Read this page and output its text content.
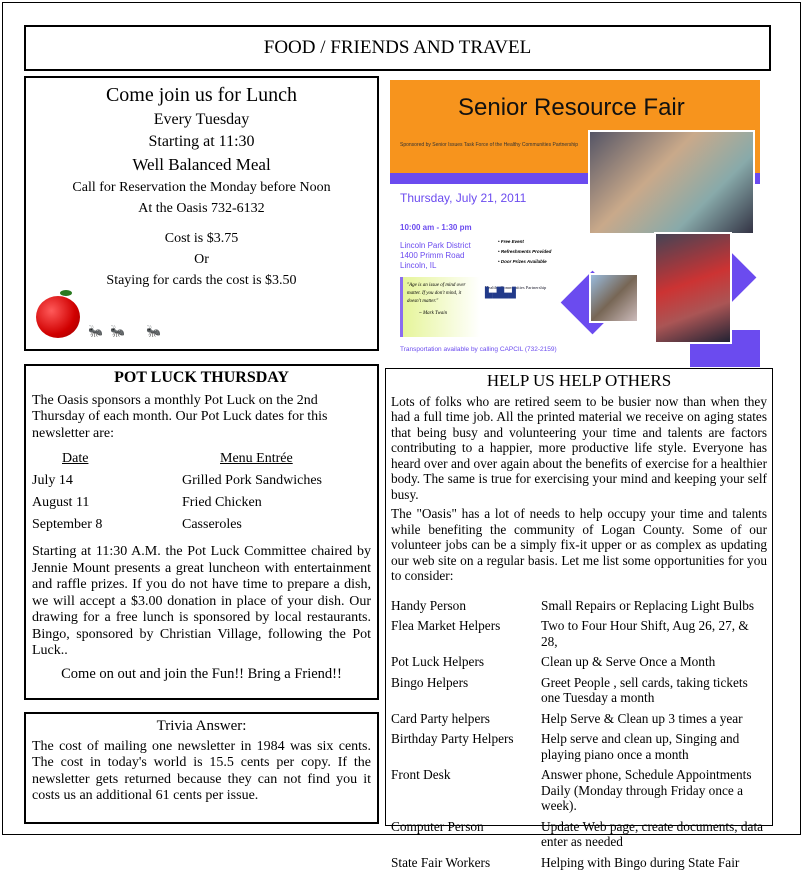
FOOD / FRIENDS AND TRAVEL
Come join us for Lunch
Every Tuesday
Starting at 11:30
Well Balanced Meal
Call for Reservation the Monday before Noon
At the Oasis 732-6132
Cost is $3.75
Or
Staying for cards the cost is $3.50
🐜 🐜 🐜
POT LUCK THURSDAY

The Oasis sponsors a monthly Pot Luck on the 2nd Thursday of each month. Our Pot Luck dates for this newsletter are:

Date	Menu Entrée
July 14	Grilled Pork Sandwiches
August 11	Fried Chicken
September 8	Casseroles

Starting at 11:30 A.M. the Pot Luck Committee chaired by Jennie Mount presents a great luncheon with entertainment and raffle prizes. If you do not have time to prepare a dish, we will accept a $3.00 donation in place of your dish. Our drawing for a free lunch is sponsored by local restaurants. Bingo, sponsored by Christian Village, following the Pot Luck..

Come on out and join the Fun!! Bring a Friend!!

Trivia Answer:

The cost of mailing one newsletter in 1984 was six cents. The cost in today's world is 15.5 cents per copy. If the newsletter gets returned because they can not find you it costs us an additional 61 cents per issue.

Senior Resource Fair
Sponsored by Senior Issues Task Force of the Healthy Communities Partnership
Thursday, July 21, 2011
10:00 am - 1:30 pm
Lincoln Park District
1400 Primm Road
Lincoln, IL
• Free Event
• Refreshments Provided
• Door Prizes Available
"Age is an issue of mind over matter. If you don't mind, it doesn't matter."
~ Mark Twain
Healthy Communities Partnership ▙▟▙▟
Transportation available by calling CAPCIL (732-2159)
HELP US HELP OTHERS

Lots of folks who are retired seem to be busier now than when they had a full time job. All the printed material we receive on aging states that being busy and volunteering your time and talents are factors contributing to a happier, more productive life style. Everyone has heard over and over again about the benefits of exercise for a healthier body. The same is true for exercising your mind and keeping your self busy.

The "Oasis" has a lot of needs to help occupy your time and talents while benefiting the community of Logan County. Some of our volunteer jobs can be a simply fix-it upper or as complex as updating our web site on a regular basis. Let me list some opportunities for you to consider:

Handy Person	Small Repairs or Replacing Light Bulbs
Flea Market Helpers	Two to Four Hour Shift, Aug 26, 27, & 28,
Pot Luck Helpers	Clean up & Serve Once a Month
Bingo Helpers	Greet People , sell cards, taking tickets one Tuesday a month
Card Party helpers	Help Serve & Clean up 3 times a year
Birthday Party Helpers	Help serve and clean up, Singing and playing piano once a month
Front Desk	Answer phone, Schedule Appointments Daily (Monday through Friday once a week).
Computer Person	Update Web page, create documents, data enter as needed
State Fair Workers	Helping with Bingo during State Fair
